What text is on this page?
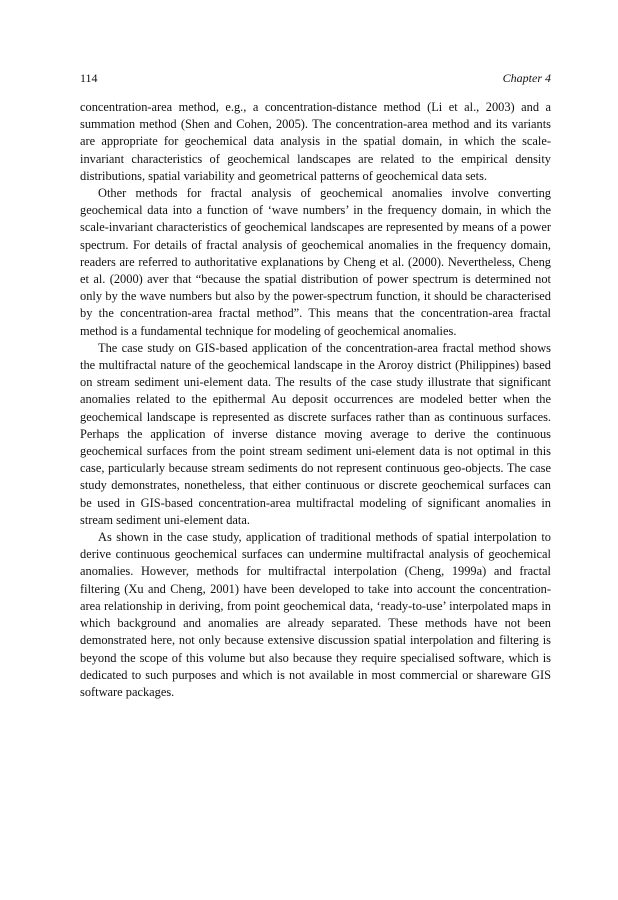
114	Chapter 4

concentration-area method, e.g., a concentration-distance method (Li et al., 2003) and a summation method (Shen and Cohen, 2005). The concentration-area method and its variants are appropriate for geochemical data analysis in the spatial domain, in which the scale-invariant characteristics of geochemical landscapes are related to the empirical density distributions, spatial variability and geometrical patterns of geochemical data sets.

Other methods for fractal analysis of geochemical anomalies involve converting geochemical data into a function of ‘wave numbers’ in the frequency domain, in which the scale-invariant characteristics of geochemical landscapes are represented by means of a power spectrum. For details of fractal analysis of geochemical anomalies in the frequency domain, readers are referred to authoritative explanations by Cheng et al. (2000). Nevertheless, Cheng et al. (2000) aver that “because the spatial distribution of power spectrum is determined not only by the wave numbers but also by the power-spectrum function, it should be characterised by the concentration-area fractal method”. This means that the concentration-area fractal method is a fundamental technique for modeling of geochemical anomalies.

The case study on GIS-based application of the concentration-area fractal method shows the multifractal nature of the geochemical landscape in the Aroroy district (Philippines) based on stream sediment uni-element data. The results of the case study illustrate that significant anomalies related to the epithermal Au deposit occurrences are modeled better when the geochemical landscape is represented as discrete surfaces rather than as continuous surfaces. Perhaps the application of inverse distance moving average to derive the continuous geochemical surfaces from the point stream sediment uni-element data is not optimal in this case, particularly because stream sediments do not represent continuous geo-objects. The case study demonstrates, nonetheless, that either continuous or discrete geochemical surfaces can be used in GIS-based concentration-area multifractal modeling of significant anomalies in stream sediment uni-element data.

As shown in the case study, application of traditional methods of spatial interpolation to derive continuous geochemical surfaces can undermine multifractal analysis of geochemical anomalies. However, methods for multifractal interpolation (Cheng, 1999a) and fractal filtering (Xu and Cheng, 2001) have been developed to take into account the concentration-area relationship in deriving, from point geochemical data, ‘ready-to-use’ interpolated maps in which background and anomalies are already separated. These methods have not been demonstrated here, not only because extensive discussion spatial interpolation and filtering is beyond the scope of this volume but also because they require specialised software, which is dedicated to such purposes and which is not available in most commercial or shareware GIS software packages.
